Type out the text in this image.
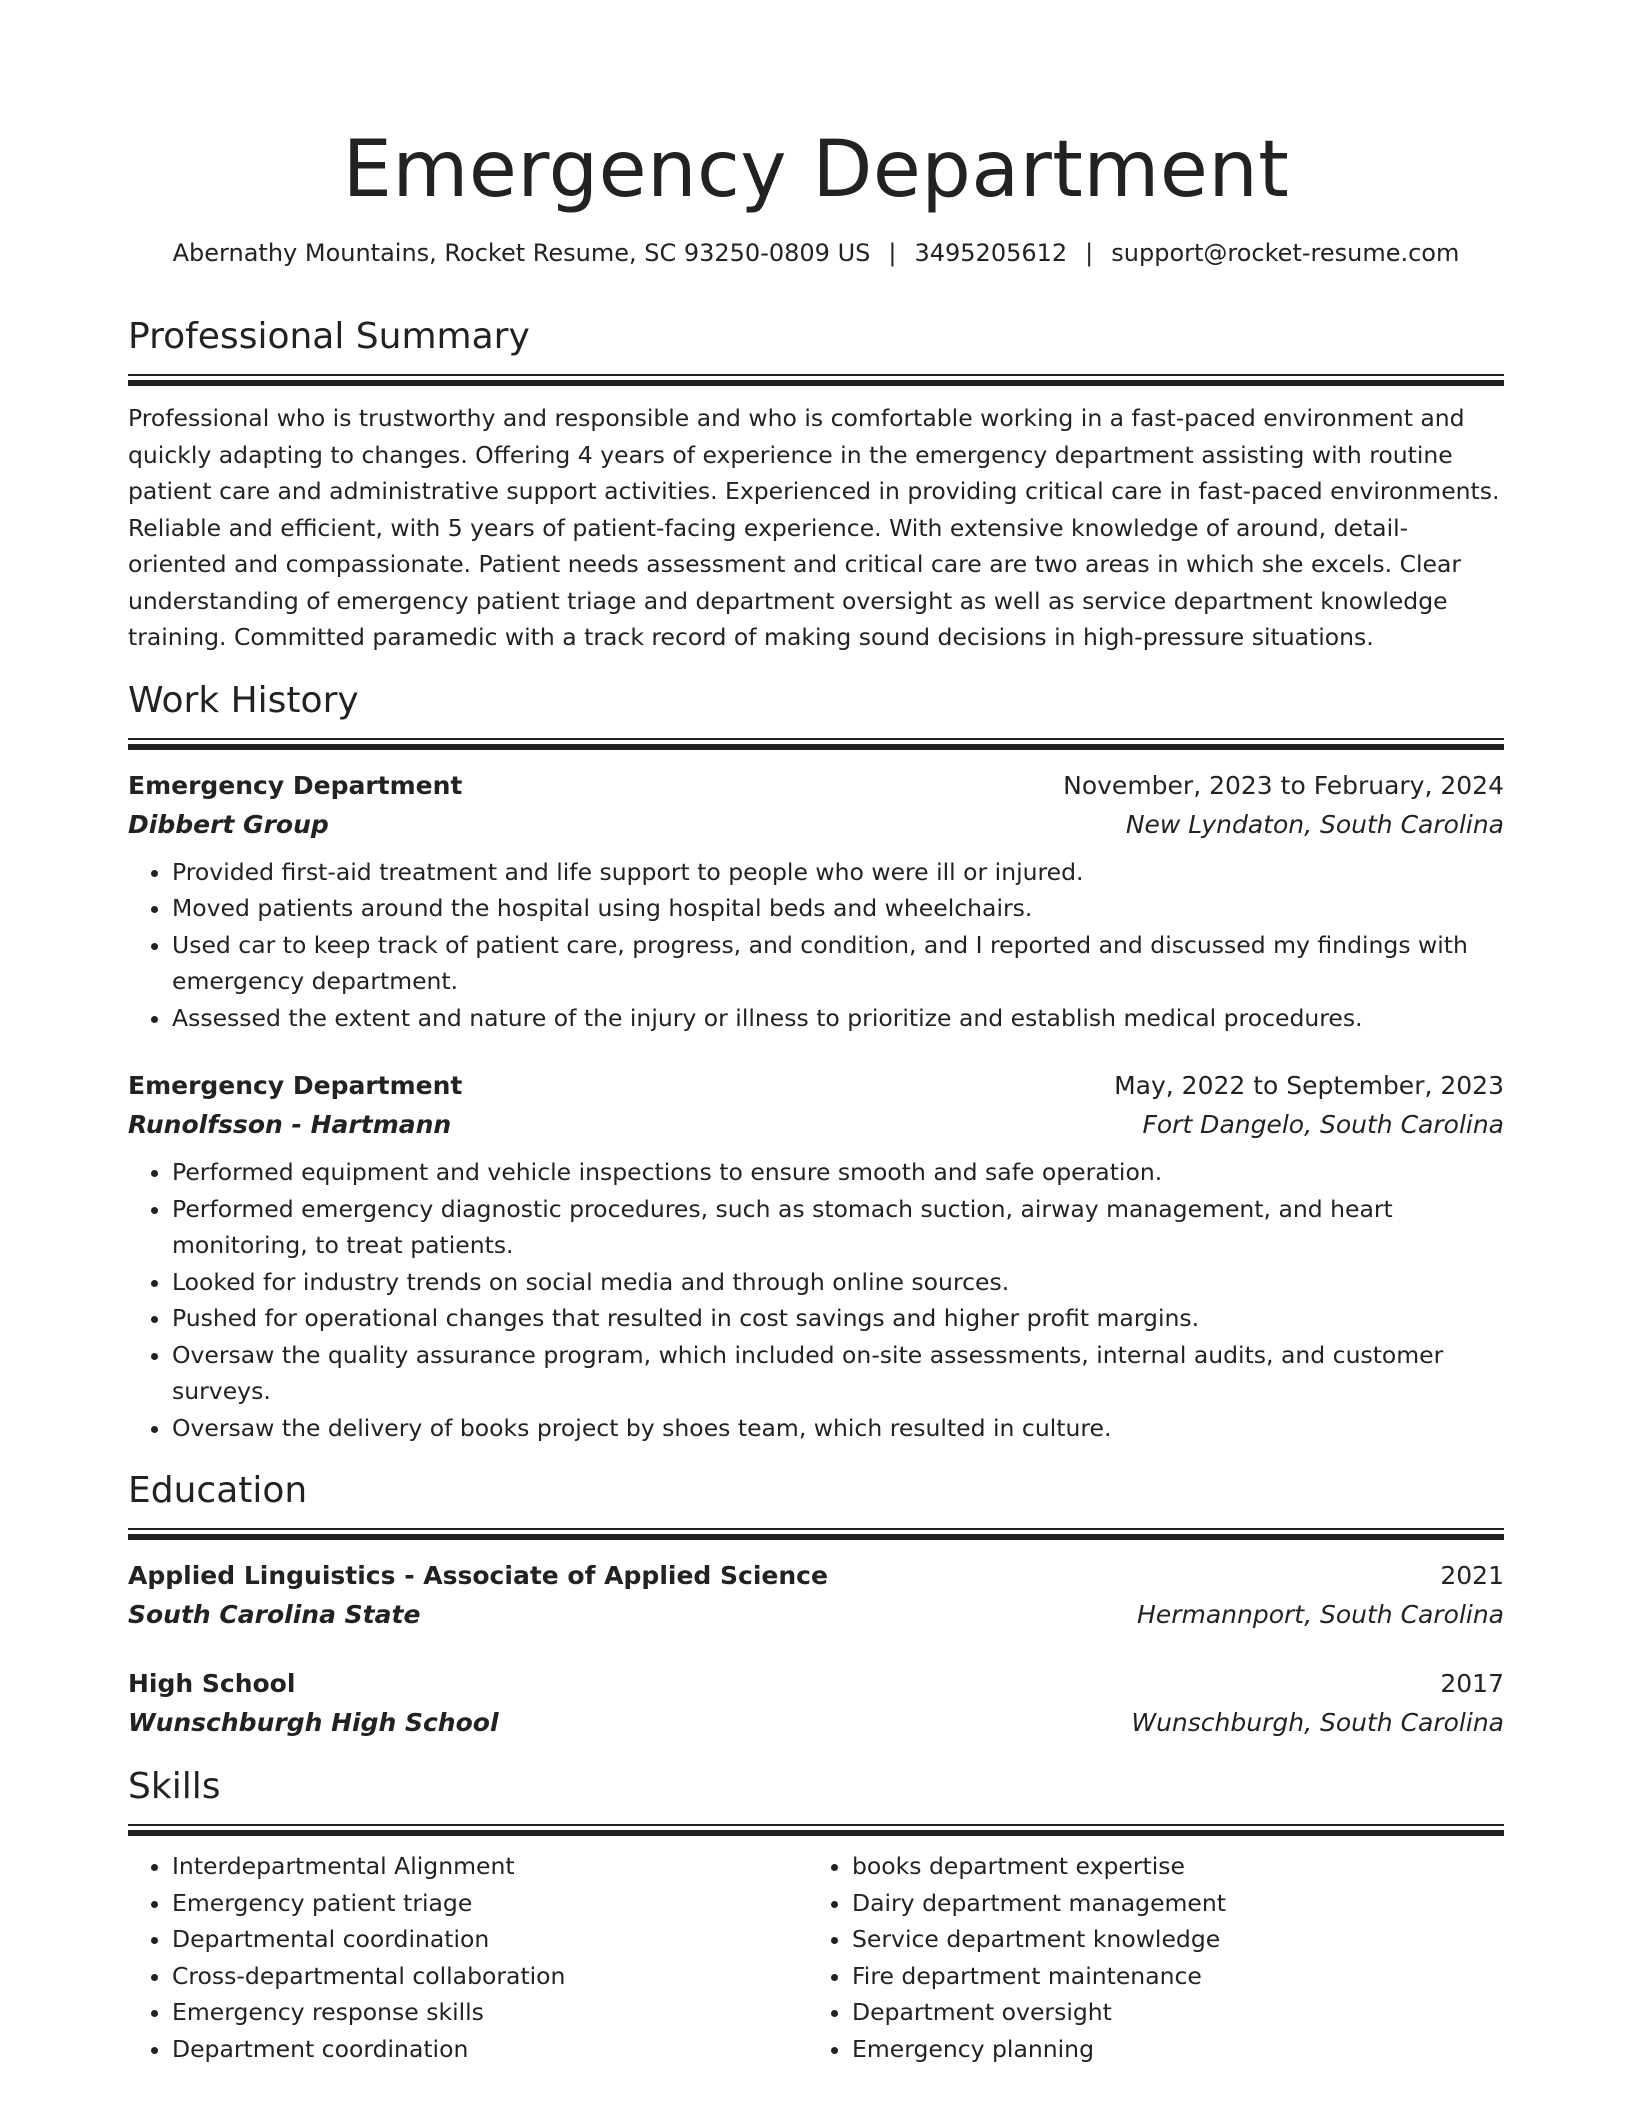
Emergency Department
Abernathy Mountains, Rocket Resume, SC 93250-0809 US | 3495205612 | support@rocket-resume.com
Professional Summary
Professional who is trustworthy and responsible and who is comfortable working in a fast-paced environment and quickly adapting to changes. Offering 4 years of experience in the emergency department assisting with routine patient care and administrative support activities. Experienced in providing critical care in fast-paced environments. Reliable and efficient, with 5 years of patient-facing experience. With extensive knowledge of around, detail-oriented and compassionate. Patient needs assessment and critical care are two areas in which she excels. Clear understanding of emergency patient triage and department oversight as well as service department knowledge training. Committed paramedic with a track record of making sound decisions in high-pressure situations.
Work History
Emergency Department	November, 2023 to February, 2024
Dibbert Group	New Lyndaton, South Carolina
• Provided first-aid treatment and life support to people who were ill or injured.
• Moved patients around the hospital using hospital beds and wheelchairs.
• Used car to keep track of patient care, progress, and condition, and I reported and discussed my findings with emergency department.
• Assessed the extent and nature of the injury or illness to prioritize and establish medical procedures.
Emergency Department	May, 2022 to September, 2023
Runolfsson - Hartmann	Fort Dangelo, South Carolina
• Performed equipment and vehicle inspections to ensure smooth and safe operation.
• Performed emergency diagnostic procedures, such as stomach suction, airway management, and heart monitoring, to treat patients.
• Looked for industry trends on social media and through online sources.
• Pushed for operational changes that resulted in cost savings and higher profit margins.
• Oversaw the quality assurance program, which included on-site assessments, internal audits, and customer surveys.
• Oversaw the delivery of books project by shoes team, which resulted in culture.
Education
Applied Linguistics - Associate of Applied Science	2021
South Carolina State	Hermannport, South Carolina
High School	2017
Wunschburgh High School	Wunschburgh, South Carolina
Skills
• Interdepartmental Alignment
• Emergency patient triage
• Departmental coordination
• Cross-departmental collaboration
• Emergency response skills
• Department coordination
• books department expertise
• Dairy department management
• Service department knowledge
• Fire department maintenance
• Department oversight
• Emergency planning
